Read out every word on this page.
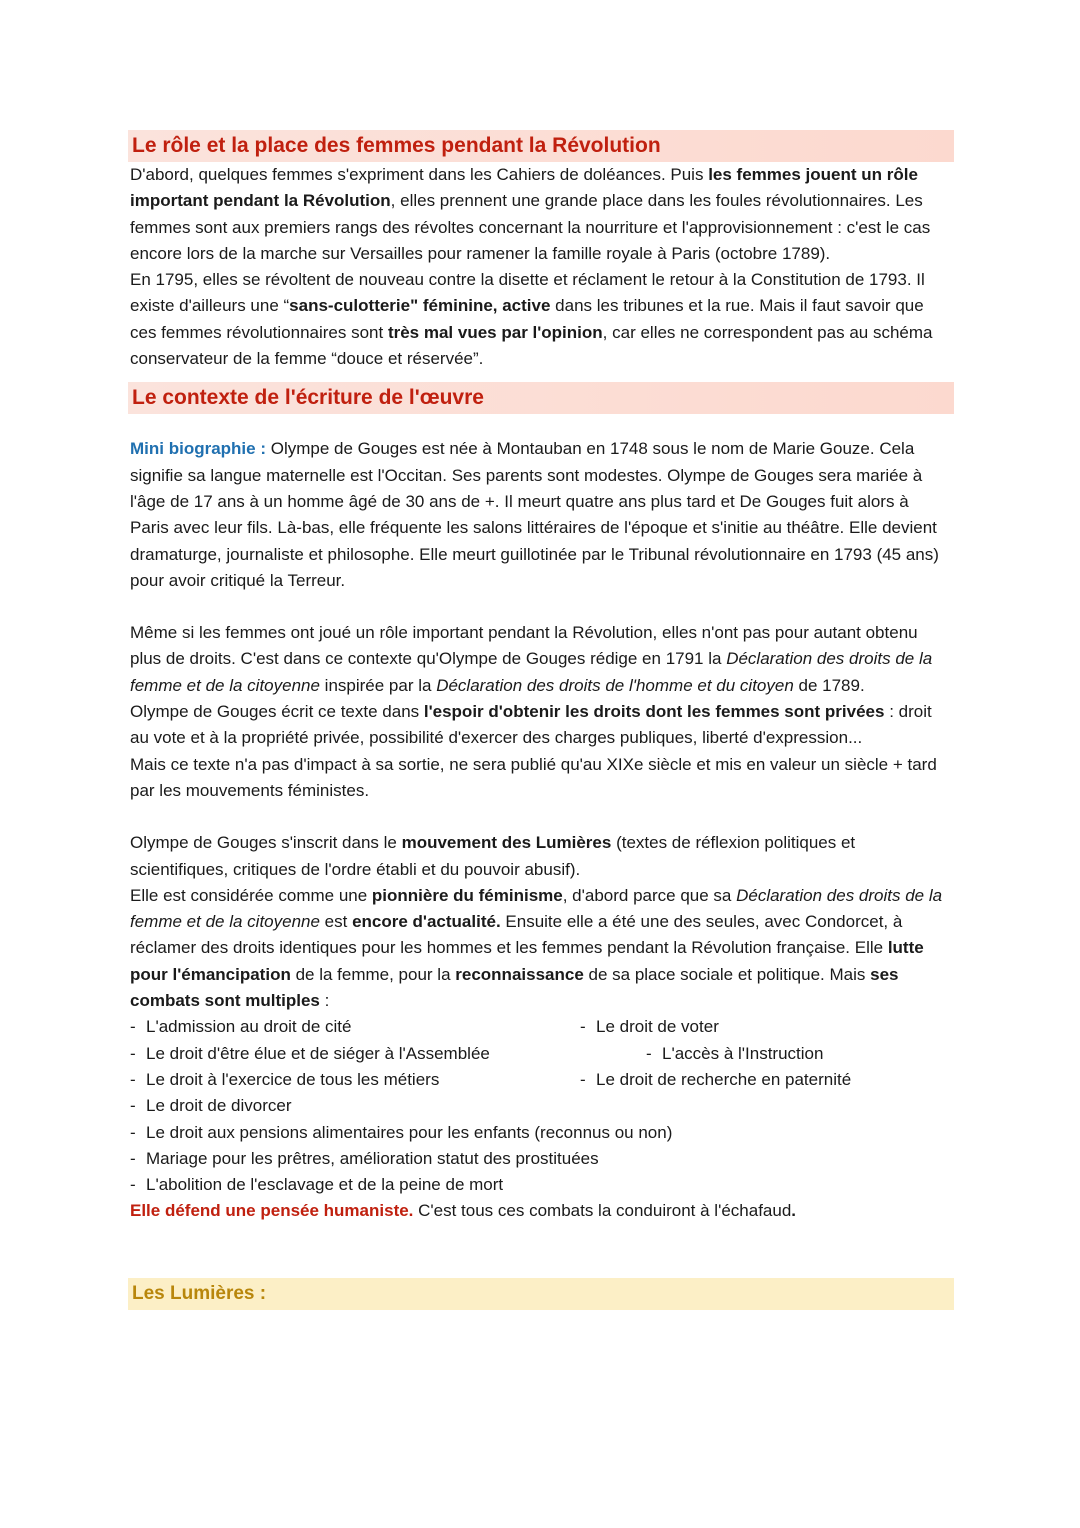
Le rôle et la place des femmes pendant la Révolution

D'abord, quelques femmes s'expriment dans les Cahiers de doléances. Puis les femmes jouent un rôle important pendant la Révolution, elles prennent une grande place dans les foules révolutionnaires. Les femmes sont aux premiers rangs des révoltes concernant la nourriture et l'approvisionnement : c'est le cas encore lors de la marche sur Versailles pour ramener la famille royale à Paris (octobre 1789).

En 1795, elles se révoltent de nouveau contre la disette et réclament le retour à la Constitution de 1793. Il existe d'ailleurs une “sans-culotterie" féminine, active dans les tribunes et la rue. Mais il faut savoir que ces femmes révolutionnaires sont très mal vues par l'opinion, car elles ne correspondent pas au schéma conservateur de la femme “douce et réservée”.

Le contexte de l'écriture de l'œuvre

Mini biographie : Olympe de Gouges est née à Montauban en 1748 sous le nom de Marie Gouze. Cela signifie sa langue maternelle est l'Occitan. Ses parents sont modestes. Olympe de Gouges sera mariée à l'âge de 17 ans à un homme âgé de 30 ans de +. Il meurt quatre ans plus tard et De Gouges fuit alors à Paris avec leur fils. Là-bas, elle fréquente les salons littéraires de l'époque et s'initie au théâtre. Elle devient dramaturge, journaliste et philosophe. Elle meurt guillotinée par le Tribunal révolutionnaire en 1793 (45 ans) pour avoir critiqué la Terreur.

Même si les femmes ont joué un rôle important pendant la Révolution, elles n'ont pas pour autant obtenu plus de droits. C'est dans ce contexte qu'Olympe de Gouges rédige en 1791 la Déclaration des droits de la femme et de la citoyenne inspirée par la Déclaration des droits de l'homme et du citoyen de 1789.

Olympe de Gouges écrit ce texte dans l'espoir d'obtenir les droits dont les femmes sont privées : droit au vote et à la propriété privée, possibilité d'exercer des charges publiques, liberté d'expression...

Mais ce texte n'a pas d'impact à sa sortie, ne sera publié qu'au XIXe siècle et mis en valeur un siècle + tard par les mouvements féministes.

Olympe de Gouges s'inscrit dans le mouvement des Lumières (textes de réflexion politiques et scientifiques, critiques de l'ordre établi et du pouvoir abusif).

Elle est considérée comme une pionnière du féminisme, d'abord parce que sa Déclaration des droits de la femme et de la citoyenne est encore d'actualité. Ensuite elle a été une des seules, avec Condorcet, à réclamer des droits identiques pour les hommes et les femmes pendant la Révolution française. Elle lutte pour l'émancipation de la femme, pour la reconnaissance de sa place sociale et politique. Mais ses combats sont multiples :

- L'admission au droit de cité	- Le droit de voter
- Le droit d'être élue et de siéger à l'Assemblée	- L'accès à l'Instruction
- Le droit à l'exercice de tous les métiers	- Le droit de recherche en paternité
- Le droit de divorcer
- Le droit aux pensions alimentaires pour les enfants (reconnus ou non)
- Mariage pour les prêtres, amélioration statut des prostituées
- L'abolition de l'esclavage et de la peine de mort

Elle défend une pensée humaniste. C'est tous ces combats la conduiront à l'échafaud.

Les Lumières :
